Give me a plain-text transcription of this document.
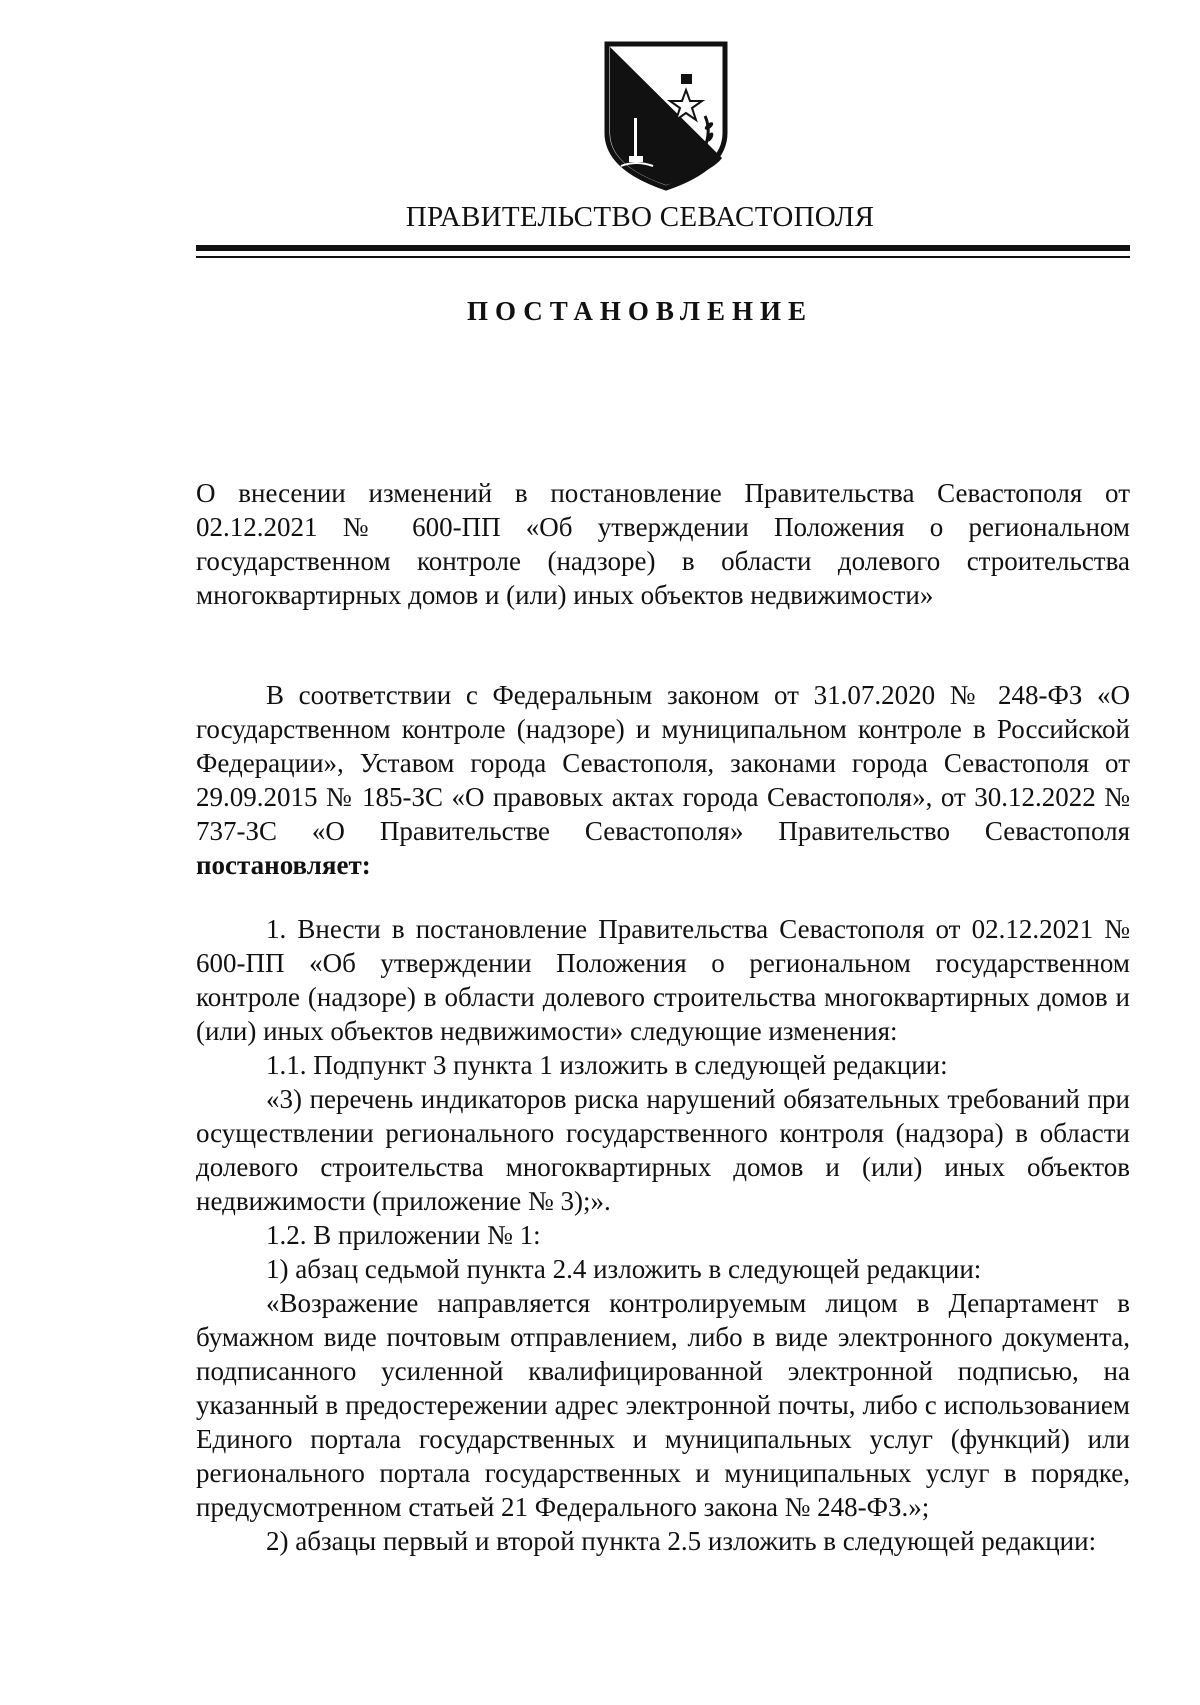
ПРАВИТЕЛЬСТВО СЕВАСТОПОЛЯ
ПОСТАНОВЛЕНИЕ

О внесении изменений в постановление Правительства Севастополя от 02.12.2021 № 600-ПП «Об утверждении Положения о региональном государственном контроле (надзоре) в области долевого строительства многоквартирных домов и (или) иных объектов недвижимости»

В соответствии с Федеральным законом от 31.07.2020 № 248-ФЗ «О государственном контроле (надзоре) и муниципальном контроле в Российской Федерации», Уставом города Севастополя, законами города Севастополя от 29.09.2015 № 185-ЗС «О правовых актах города Севастополя», от 30.12.2022 № 737-ЗС «О Правительстве Севастополя» Правительство Севастополя постановляет:

1. Внести в постановление Правительства Севастополя от 02.12.2021 № 600-ПП «Об утверждении Положения о региональном государственном контроле (надзоре) в области долевого строительства многоквартирных домов и (или) иных объектов недвижимости» следующие изменения:

1.1. Подпункт 3 пункта 1 изложить в следующей редакции:

«3) перечень индикаторов риска нарушений обязательных требований при осуществлении регионального государственного контроля (надзора) в области долевого строительства многоквартирных домов и (или) иных объектов недвижимости (приложение № 3);».

1.2. В приложении № 1:

1) абзац седьмой пункта 2.4 изложить в следующей редакции:

«Возражение направляется контролируемым лицом в Департамент в бумажном виде почтовым отправлением, либо в виде электронного документа, подписанного усиленной квалифицированной электронной подписью, на указанный в предостережении адрес электронной почты, либо с использованием Единого портала государственных и муниципальных услуг (функций) или регионального портала государственных и муниципальных услуг в порядке, предусмотренном статьей 21 Федерального закона № 248-ФЗ.»;

2) абзацы первый и второй пункта 2.5 изложить в следующей редакции:
